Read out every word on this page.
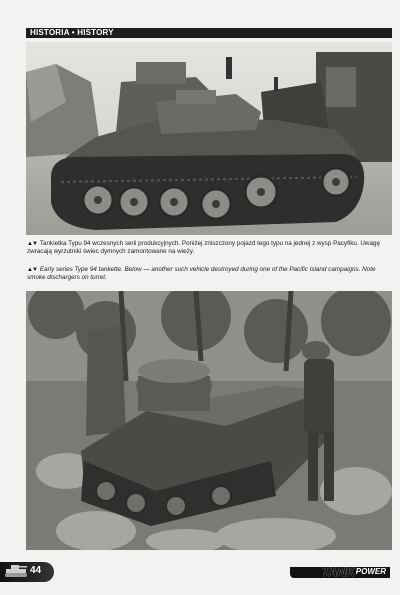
HISTORIA • HISTORY
▲▼ Tankietka Typu 94 wczesnych serii produkcyjnych. Poniżej zniszczony pojazd tego typu na jednej z wysp Pacyfiku. Uwagę zwracają wyrzutniki świec dymnych zamontowane na wieży.
▲▼ Early series Type 94 tankette. Below — another such vehicle destroyed during one of the Pacific Island campaigns. Note smoke dischargers on turret.
44	TANK POWER
